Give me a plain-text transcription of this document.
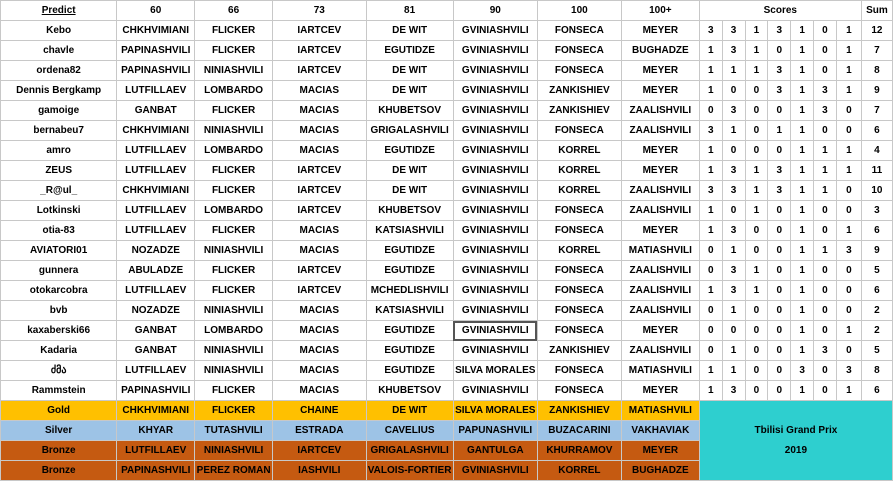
Predict	60	66	73	81	90	100	100+	Scores							Sum
Kebo	CHKHVIMIANI	FLICKER	IARTCEV	DE WIT	GVINIASHVILI	FONSECA	MEYER	3	3	1	3	1	0	1	12
chavle	PAPINASHVILI	FLICKER	IARTCEV	EGUTIDZE	GVINIASHVILI	FONSECA	BUGHADZE	1	3	1	0	1	0	1	7
ordena82	PAPINASHVILI	NINIASHVILI	IARTCEV	DE WIT	GVINIASHVILI	FONSECA	MEYER	1	1	1	3	1	0	1	8
Dennis Bergkamp	LUTFILLAEV	LOMBARDO	MACIAS	DE WIT	GVINIASHVILI	ZANKISHIEV	MEYER	1	0	0	3	1	3	1	9
gamoige	GANBAT	FLICKER	MACIAS	KHUBETSOV	GVINIASHVILI	ZANKISHIEV	ZAALISHVILI	0	3	0	0	1	3	0	7
bernabeu7	CHKHVIMIANI	NINIASHVILI	MACIAS	GRIGALASHVILI	GVINIASHVILI	FONSECA	ZAALISHVILI	3	1	0	1	1	0	0	6
amro	LUTFILLAEV	LOMBARDO	MACIAS	EGUTIDZE	GVINIASHVILI	KORREL	MEYER	1	0	0	0	1	1	1	4
ZEUS	LUTFILLAEV	FLICKER	IARTCEV	DE WIT	GVINIASHVILI	KORREL	MEYER	1	3	1	3	1	1	1	11
_R@ul_	CHKHVIMIANI	FLICKER	IARTCEV	DE WIT	GVINIASHVILI	KORREL	ZAALISHVILI	3	3	1	3	1	1	0	10
Lotkinski	LUTFILLAEV	LOMBARDO	IARTCEV	KHUBETSOV	GVINIASHVILI	FONSECA	ZAALISHVILI	1	0	1	0	1	0	0	3
otia-83	LUTFILLAEV	FLICKER	MACIAS	KATSIASHVILI	GVINIASHVILI	FONSECA	MEYER	1	3	0	0	1	0	1	6
AVIATORI01	NOZADZE	NINIASHVILI	MACIAS	EGUTIDZE	GVINIASHVILI	KORREL	MATIASHVILI	0	1	0	0	1	1	3	9
gunnera	ABULADZE	FLICKER	IARTCEV	EGUTIDZE	GVINIASHVILI	FONSECA	ZAALISHVILI	0	3	1	0	1	0	0	5
otokarcobra	LUTFILLAEV	FLICKER	IARTCEV	MCHEDLISHVILI	GVINIASHVILI	FONSECA	ZAALISHVILI	1	3	1	0	1	0	0	6
bvb	NOZADZE	NINIASHVILI	MACIAS	KATSIASHVILI	GVINIASHVILI	FONSECA	ZAALISHVILI	0	1	0	0	1	0	0	2
kaxaberski66	GANBAT	LOMBARDO	MACIAS	EGUTIDZE	GVINIASHVILI	FONSECA	MEYER	0	0	0	0	1	0	1	2
Kadaria	GANBAT	NINIASHVILI	MACIAS	EGUTIDZE	GVINIASHVILI	ZANKISHIEV	ZAALISHVILI	0	1	0	0	1	3	0	5
ძმა	LUTFILLAEV	NINIASHVILI	MACIAS	EGUTIDZE	SILVA MORALES	FONSECA	MATIASHVILI	1	1	0	0	3	0	3	8
Rammstein	PAPINASHVILI	FLICKER	MACIAS	KHUBETSOV	GVINIASHVILI	FONSECA	MEYER	1	3	0	0	1	0	1	6
Gold	CHKHVIMIANI	FLICKER	CHAINE	DE WIT	SILVA MORALES	ZANKISHIEV	MATIASHVILI	Tbilisi Grand Prix
2019							

Silver	KHYAR	TUTASHVILI	ESTRADA	CAVELIUS	PAPUNASHVILI	BUZACARINI	VAKHAVIAK								
Bronze	LUTFILLAEV	NINIASHVILI	IARTCEV	GRIGALASHVILI	GANTULGA	KHURRAMOV	MEYER								
Bronze	PAPINASHVILI	PEREZ ROMAN	IASHVILI	VALOIS-FORTIER	GVINIASHVILI	KORREL	BUGHADZE								
